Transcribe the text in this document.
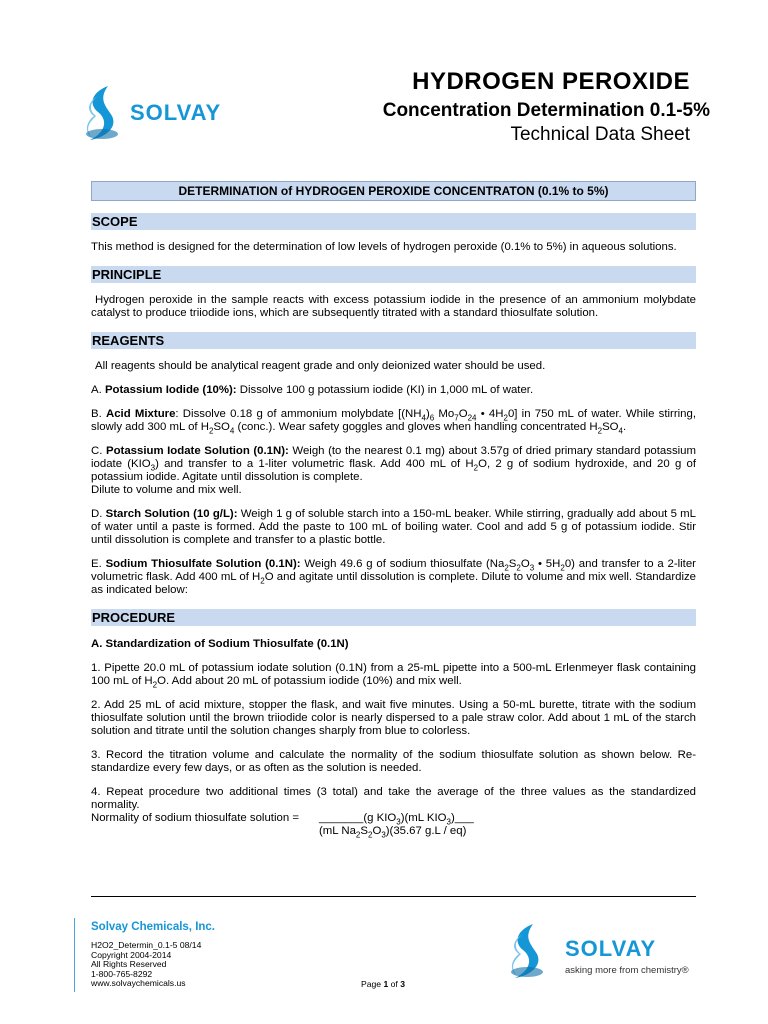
SOLVAY
HYDROGEN PEROXIDE
Concentration Determination 0.1-5%
Technical Data Sheet
DETERMINATION of HYDROGEN PEROXIDE CONCENTRATON (0.1% to 5%)
SCOPE

This method is designed for the determination of low levels of hydrogen peroxide (0.1% to 5%) in aqueous solutions.

PRINCIPLE

Hydrogen peroxide in the sample reacts with excess potassium iodide in the presence of an ammonium molybdate catalyst to produce triiodide ions, which are subsequently titrated with a standard thiosulfate solution.

REAGENTS

All reagents should be analytical reagent grade and only deionized water should be used.

A. Potassium Iodide (10%): Dissolve 100 g potassium iodide (KI) in 1,000 mL of water.

B. Acid Mixture: Dissolve 0.18 g of ammonium molybdate [$(NH_4)_6$ $Mo_7O_{24}$ • $4H_20$] in 750 mL of water. While stirring, slowly add 300 mL of $H_2SO_4$ (conc.). Wear safety goggles and gloves when handling concentrated $H_2SO_4$.

C. Potassium Iodate Solution (0.1N): Weigh (to the nearest 0.1 mg) about 3.57g of dried primary standard potassium iodate $(KIO_3)$ and transfer to a 1-liter volumetric flask. Add 400 mL of $H_2O$, 2 g of sodium hydroxide, and 20 g of potassium iodide. Agitate until dissolution is complete.
Dilute to volume and mix well.

D. Starch Solution (10 g/L): Weigh 1 g of soluble starch into a 150-mL beaker. While stirring, gradually add about 5 mL of water until a paste is formed. Add the paste to 100 mL of boiling water. Cool and add 5 g of potassium iodide. Stir until dissolution is complete and transfer to a plastic bottle.

E. Sodium Thiosulfate Solution (0.1N): Weigh 49.6 g of sodium thiosulfate ($Na_2S_2O_3$ • $5H_20$) and transfer to a 2-liter volumetric flask. Add 400 mL of $H_2O$ and agitate until dissolution is complete. Dilute to volume and mix well. Standardize as indicated below:

PROCEDURE

A. Standardization of Sodium Thiosulfate (0.1N)

1. Pipette 20.0 mL of potassium iodate solution (0.1N) from a 25-mL pipette into a 500-mL Erlenmeyer flask containing 100 mL of $H_2O$. Add about 20 mL of potassium iodide (10%) and mix well.

2. Add 25 mL of acid mixture, stopper the flask, and wait five minutes. Using a 50-mL burette, titrate with the sodium thiosulfate solution until the brown triiodide color is nearly dispersed to a pale straw color. Add about 1 mL of the starch solution and titrate until the solution changes sharply from blue to colorless.

3. Record the titration volume and calculate the normality of the sodium thiosulfate solution as shown below. Re-standardize every few days, or as often as the solution is needed.

4. Repeat procedure two additional times (3 total) and take the average of the three values as the standardized normality.

Normality of sodium thiosulfate solution = _______(g $KIO_3)(mL$ $KIO_3)\_\_\_$
(mL $Na_2S_2O_3)(35.67$ g.L / eq)
Solvay Chemicals, Inc.
H2O2_Determin_0.1-5 08/14
Copyright 2004-2014
All Rights Reserved
1-800-765-8292
www.solvaychemicals.us	Page 1 of 3
SOLVAY
asking more from chemistry®
